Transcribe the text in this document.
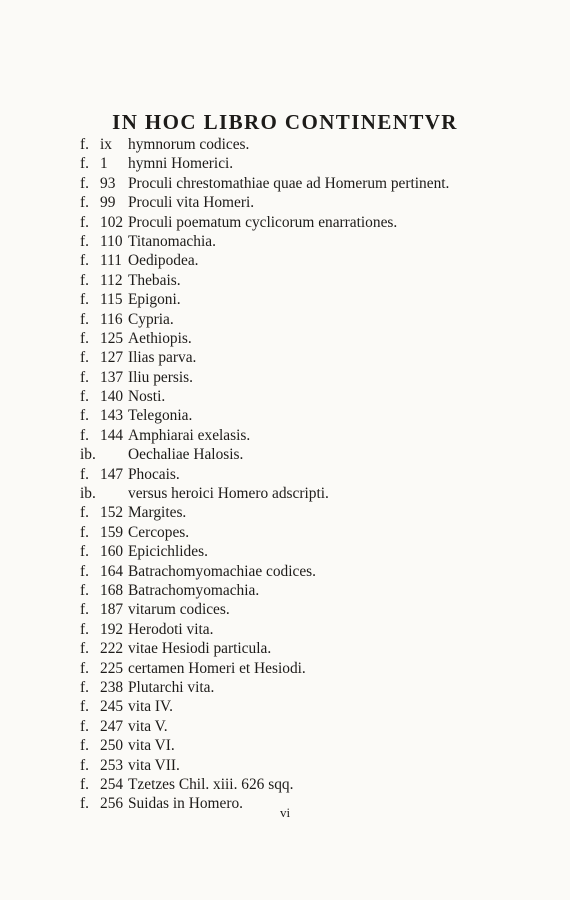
IN HOC LIBRO CONTINENTVR
f. ix hymnorum codices.
f. 1 hymni Homerici.
f. 93 Proculi chrestomathiae quae ad Homerum pertinent.
f. 99 Proculi vita Homeri.
f. 102 Proculi poematum cyclicorum enarrationes.
f. 110 Titanomachia.
f. 111 Oedipodea.
f. 112 Thebais.
f. 115 Epigoni.
f. 116 Cypria.
f. 125 Aethiopis.
f. 127 Ilias parva.
f. 137 Iliu persis.
f. 140 Nosti.
f. 143 Telegonia.
f. 144 Amphiarai exelasis.
ib. Oechaliae Halosis.
f. 147 Phocais.
ib. versus heroici Homero adscripti.
f. 152 Margites.
f. 159 Cercopes.
f. 160 Epicichlides.
f. 164 Batrachomyomachiae codices.
f. 168 Batrachomyomachia.
f. 187 vitarum codices.
f. 192 Herodoti vita.
f. 222 vitae Hesiodi particula.
f. 225 certamen Homeri et Hesiodi.
f. 238 Plutarchi vita.
f. 245 vita IV.
f. 247 vita V.
f. 250 vita VI.
f. 253 vita VII.
f. 254 Tzetzes Chil. xiii. 626 sqq.
f. 256 Suidas in Homero.
vi
